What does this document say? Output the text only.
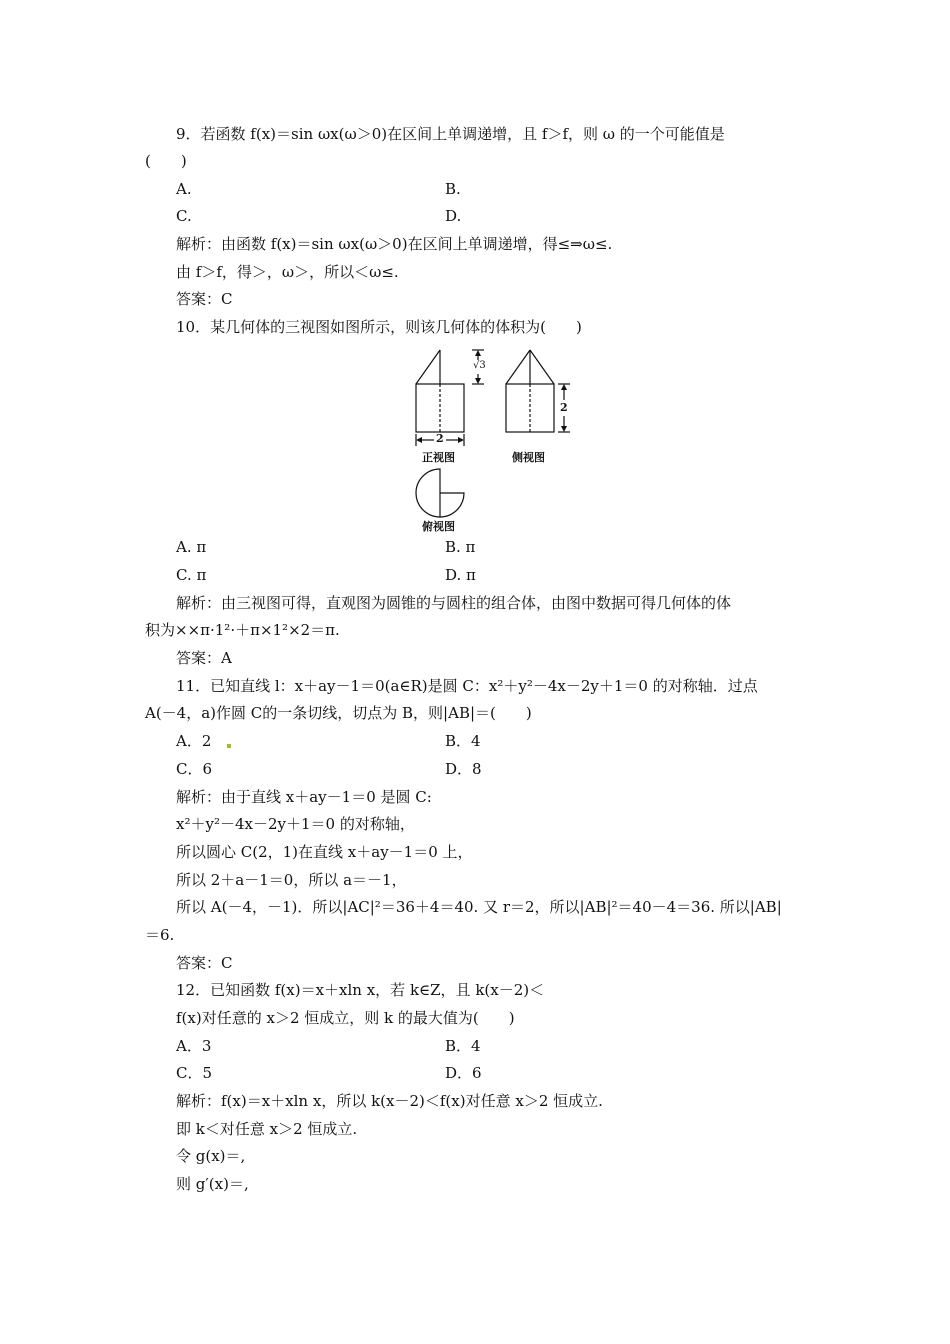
9．若函数 f(x)＝sin ωx(ω＞0)在区间上单调递增，且 f＞f，则 ω 的一个可能值是
(　　)
A.	B.
C.	D.
解析：由函数 f(x)＝sin ωx(ω＞0)在区间上单调递增，得≤⇒ω≤.
由 f＞f，得＞，ω＞，所以＜ω≤.
答案：C
10．某几何体的三视图如图所示，则该几何体的体积为(　　)
2
√3
2
正视图	侧视图
俯视图
A. π	B. π
C. π	D. π
解析：由三视图可得，直观图为圆锥的与圆柱的组合体，由图中数据可得几何体的体
积为××π·1²·＋π×1²×2＝π.
答案：A
11．已知直线 l：x＋ay－1＝0(a∈R)是圆 C：x²＋y²－4x－2y＋1＝0 的对称轴．过点
A(－4，a)作圆 C的一条切线，切点为 B，则|AB|＝(　　)
A．2	B．4
C．6	D．8
解析：由于直线 x＋ay－1＝0 是圆 C:
x²＋y²－4x－2y＋1＝0 的对称轴，
所以圆心 C(2，1)在直线 x＋ay－1＝0 上，
所以 2＋a－1＝0，所以 a＝－1，
所以 A(－4，－1)．所以|AC|²＝36＋4＝40. 又 r＝2，所以|AB|²＝40－4＝36. 所以|AB|
＝6.
答案：C
12．已知函数 f(x)＝x＋xln x，若 k∈Z，且 k(x－2)＜
f(x)对任意的 x＞2 恒成立，则 k 的最大值为(　　)
A．3	B．4
C．5	D．6
解析：f(x)＝x＋xln x，所以 k(x－2)＜f(x)对任意 x＞2 恒成立.
即 k＜对任意 x＞2 恒成立.
令 g(x)＝,
则 g′(x)＝,
